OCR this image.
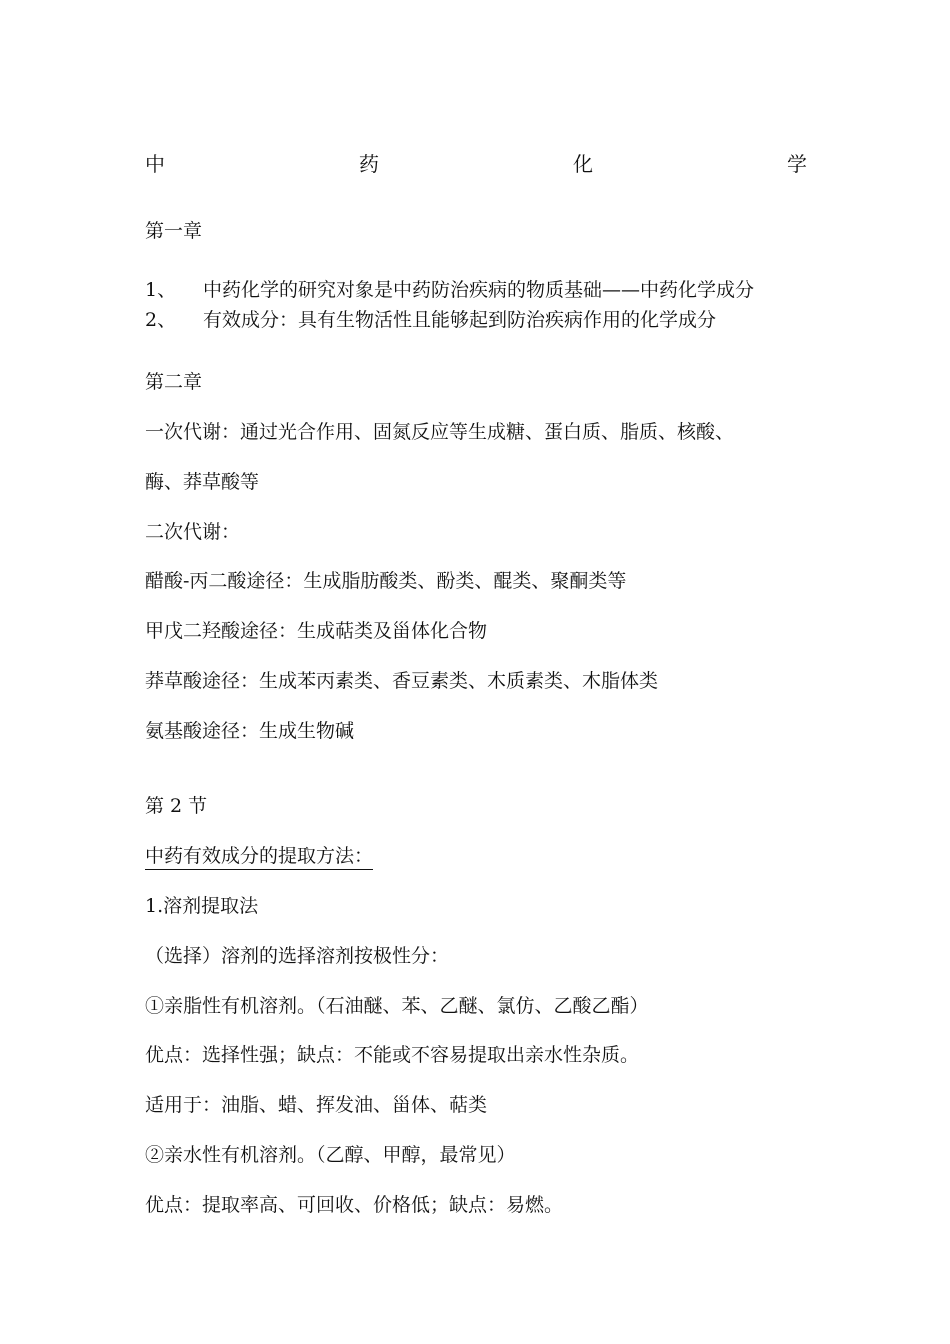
中	药	化	学
第一章
1、 中药化学的研究对象是中药防治疾病的物质基础——中药化学成分
2、 有效成分：具有生物活性且能够起到防治疾病作用的化学成分
第二章
一次代谢：通过光合作用、固氮反应等生成糖、蛋白质、脂质、核酸、
酶、莽草酸等
二次代谢：
醋酸-丙二酸途径：生成脂肪酸类、酚类、醌类、聚酮类等
甲戊二羟酸途径：生成萜类及甾体化合物
莽草酸途径：生成苯丙素类、香豆素类、木质素类、木脂体类
氨基酸途径：生成生物碱
第 2 节
中药有效成分的提取方法：
1.溶剂提取法
（选择）溶剂的选择溶剂按极性分：
①亲脂性有机溶剂。（石油醚、苯、乙醚、氯仿、乙酸乙酯）
优点：选择性强；缺点：不能或不容易提取出亲水性杂质。
适用于：油脂、蜡、挥发油、甾体、萜类
②亲水性有机溶剂。（乙醇、甲醇，最常见）
优点：提取率高、可回收、价格低；缺点：易燃。
